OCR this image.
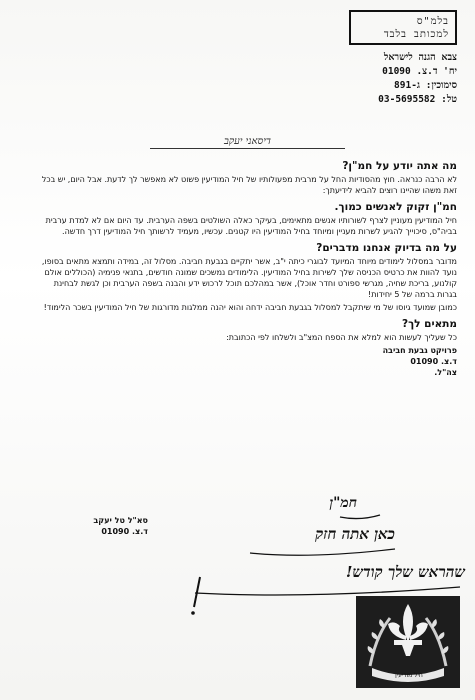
בלמ"ס
למכותב בלבד
צבא הגנה לישראל
יח' ד.צ. 01090
סימוכין: ג-891
טל: 03-5695582
דיסאני יעקב
מה אתה יודע על חמ"ן?

לא הרבה כנראה. חוץ מהסודיות החל על מרבית מפעולותיו של חיל המודיעין פשוט לא מאפשר לך לדעת. אבל היום, יש בכל זאת משהו שהיינו רוצים להביא לידיעתך:

חמ"ן זקוק לאנשים כמוך.

חיל המודיעין מעוניין לצרף לשורותיו אנשים מתאימים, בעיקר כאלה השולטים בשפה הערבית. עד היום אם לא למדת ערבית בביה"ס, סיכוייך להגיע לשרות מעניין ומיוחד בחיל המודיעין היו קטנים. עכשיו, מעמיד לרשותך חיל המודיעין דרך חדשה.

על מה בדיוק אנחנו מדברים?

מדובר במסלול לימודים מיוחד המיועד לבוגרי כיתה י"ב, אשר יתקיים בגבעת חביבה. מסלול זה, במידה ותמצא מתאים בסופו, נועד להוות את כרטיס הכניסה שלך לשירות בחיל המודיעין. הלימודים נמשכים שמונה חודשים, בתנאי פנימיה (הכוללים אולם קולנוע, בריכת שחיה, מגרשי ספורט וחדר אוכל), אשר במהלכם תוכל לרכוש ידע והבנה בשפה הערבית וכן לגשת לבחינת בגרות ברמה של 5 יחידות!

כמובן שמועד גיוסו של מי שיתקבל למסלול בגבעת חביבה ידחה והוא יהנה ממלגות מדורגות של חיל המודיעין בשכר הלימוד!

מתאים לך?

כל שעליך לעשות הוא למלא את הספח המצ"ב ולשלחו לפי הכתובת:

פרויקט גבעת חביבה
ד.צ. 01090
צה"ל.
סא"ל טל יעקב
ד.צ. 01090
חמ"ן
כאן אתה חזק
שהראש שלך קודש!
חיל מודיעין
